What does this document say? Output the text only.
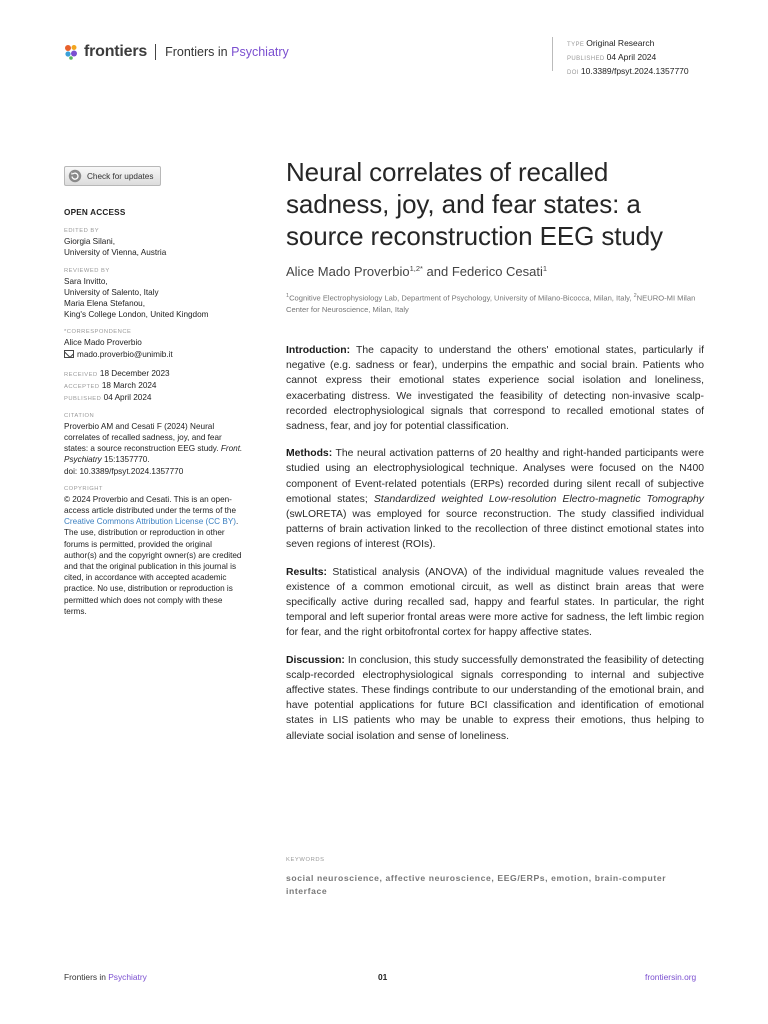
frontiers Frontiers in Psychiatry	TYPE Original Research
PUBLISHED 04 April 2024
DOI 10.3389/fpsyt.2024.1357770
Check for updates
OPEN ACCESS
EDITED BY
Giorgia Silani,
University of Vienna, Austria
REVIEWED BY
Sara Invitto,
University of Salento, Italy
Maria Elena Stefanou,
King's College London, United Kingdom
*CORRESPONDENCE
Alice Mado Proverbio
mado.proverbio@unimib.it
RECEIVED 18 December 2023
ACCEPTED 18 March 2024
PUBLISHED 04 April 2024
CITATION
Proverbio AM and Cesati F (2024) Neural correlates of recalled sadness, joy, and fear states: a source reconstruction EEG study. Front. Psychiatry 15:1357770.
doi: 10.3389/fpsyt.2024.1357770
COPYRIGHT
© 2024 Proverbio and Cesati. This is an open-access article distributed under the terms of the Creative Commons Attribution License (CC BY). The use, distribution or reproduction in other forums is permitted, provided the original author(s) and the copyright owner(s) are credited and that the original publication in this journal is cited, in accordance with accepted academic practice. No use, distribution or reproduction is permitted which does not comply with these terms.
Neural correlates of recalled sadness, joy, and fear states: a source reconstruction EEG study
Alice Mado Proverbio$^{1,2*}$ and Federico Cesati$^1$
$^1$Cognitive Electrophysiology Lab, Department of Psychology, University of Milano-Bicocca, Milan, Italy, $^2$NEURO-MI Milan Center for Neuroscience, Milan, Italy

Introduction: The capacity to understand the others' emotional states, particularly if negative (e.g. sadness or fear), underpins the empathic and social brain. Patients who cannot express their emotional states experience social isolation and loneliness, exacerbating distress. We investigated the feasibility of detecting non-invasive scalp-recorded electrophysiological signals that correspond to recalled emotional states of sadness, fear, and joy for potential classification.

Methods: The neural activation patterns of 20 healthy and right-handed participants were studied using an electrophysiological technique. Analyses were focused on the N400 component of Event-related potentials (ERPs) recorded during silent recall of subjective emotional states; Standardized weighted Low-resolution Electro-magnetic Tomography (swLORETA) was employed for source reconstruction. The study classified individual patterns of brain activation linked to the recollection of three distinct emotional states into seven regions of interest (ROIs).

Results: Statistical analysis (ANOVA) of the individual magnitude values revealed the existence of a common emotional circuit, as well as distinct brain areas that were specifically active during recalled sad, happy and fearful states. In particular, the right temporal and left superior frontal areas were more active for sadness, the left limbic region for fear, and the right orbitofrontal cortex for happy affective states.

Discussion: In conclusion, this study successfully demonstrated the feasibility of detecting scalp-recorded electrophysiological signals corresponding to internal and subjective affective states. These findings contribute to our understanding of the emotional brain, and have potential applications for future BCI classification and identification of emotional states in LIS patients who may be unable to express their emotions, thus helping to alleviate social isolation and sense of loneliness.

KEYWORDS
social neuroscience, affective neuroscience, EEG/ERPs, emotion, brain-computer interface
Frontiers in Psychiatry	01	frontiersin.org
